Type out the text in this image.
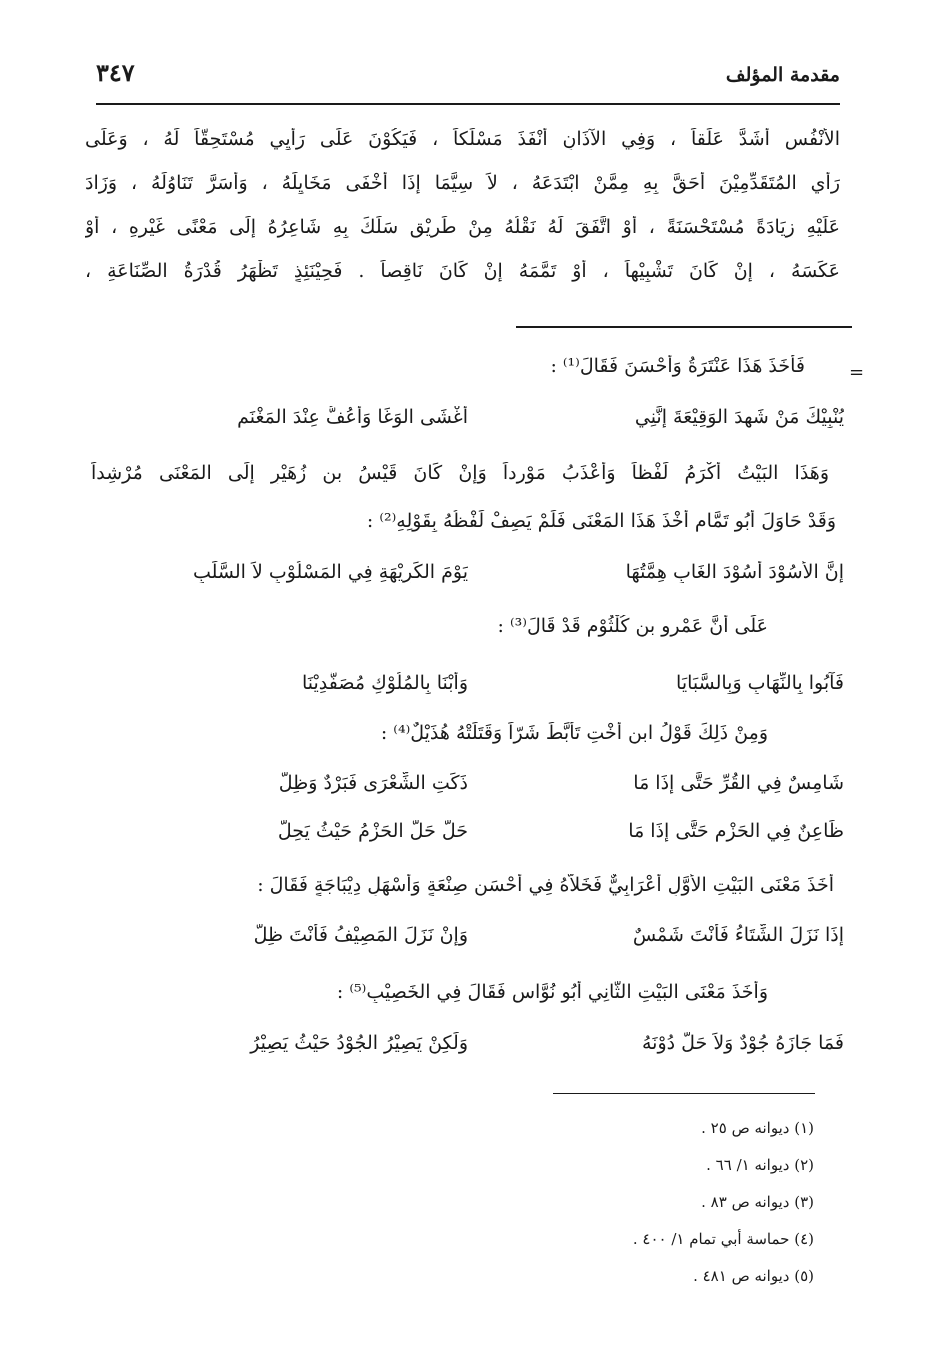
مقدمة المؤلف
٣٤٧
الأَنْفُسِ أَشَدَّ عَلَقاً ، وَفِي الآذَانِ أَنْفَذَ مَسْلَكاً ، فَيَكُوْنَ عَلَى رَأْيِي مُسْتَحِقّاً لَهُ ، وَعَلَى
رَأْيِ المُتَقَدِّمِيْنَ أَحَقَّ بِهِ مِمَّنْ ابْتَدَعَهُ ، لاَ سِيَّمَا إِذَا أَخْفَى مَخَايِلَهُ ، وَأَسَرَّ تَنَاوُلَهُ ، وَزَادَ
عَلَيْهِ زِيَادَةً مُسْتَحْسَنَةً ، أَوْ اتَّفَقَ لَهُ نَقْلُهُ مِنْ طَرِيْقٍ سَلَكَ بِهِ شَاعِرُهُ إِلَى مَعْنًى غَيْرِهِ ، أَوْ
عَكَسَهُ ، إِنْ كَانَ تَشْبِيْهاً ، أَوْ تَمَّمَهُ إِنْ كَانَ نَاقِصاً . فَحِيْنَئِذٍ تَظْهَرُ قُدْرَةُ الصِّنَاعَةِ ،
=
فَأَخَذَ هَذَا عَنْتَرَةُ وَأَحْسَنَ فَقَالَ⁽¹⁾ :
يُنْبِيْكَ مَنْ شَهِدَ الوَقِيْعَةَ إِنَّنِي
أَغْشَى الوَغَا وَأَعُفُّ عِنْدَ المَغْنَمِ
وَهَذَا البَيْتُ أَكْرَمُ لَفْظاً وَأَعْذَبُ مَوْرِداً وَإِنْ كَانَ قَيْسُ بن زُهَيْرٍ إِلَى المَعْنَى مُرْشِداً
وَقَدْ حَاوَلَ أَبُو تَمَّامٍ أَخْذَ هَذَا المَعْنَى فَلَمْ يَصِفْ لَفْظُهُ بِقَوْلِهِ⁽²⁾ :
إِنَّ الأُسُوْدَ أُسُوْدَ الغَابِ هِمَّتُهَا
يَوْمَ الكَرِيْهَةِ فِي المَسْلُوْبِ لاَ السَّلَبِ
عَلَى أَنَّ عَمْرو بن كُلْثُوْمٍ قَدْ قَالَ⁽³⁾ :
فَآبُوا بِالنِّهَابِ وَبِالسَّبَايَا
وَأُبْنَا بِالمُلُوْكِ مُصَفَّدِيْنَا
وَمِنْ ذَلِكَ قَوْلُ ابن أُخْتِ تَأَبَّطَ شَرّاً وَقَتَلَتْهُ هُذَيْلٌ⁽⁴⁾ :
شَامِسٌ فِي القُرِّ حَتَّى إِذَا مَا
ذَكَتِ الشِّعْرَى فَبَرْدٌ وَظِلُّ
ظَاعِنٌ فِي الحَزْمِ حَتَّى إِذَا مَا
حَلَّ حَلَّ الحَزْمُ حَيْثُ يَحِلُّ
أَخَذَ مَعْنَى البَيْتِ الأَوَّلِ أَعْرَابِيٌّ فَخَلاَّهُ فِي أَحْسَنِ صِنْعَةٍ وَأَسْهَلِ دِيْبَاجَةٍ فَقَالَ :
إِذَا نَزَلَ الشِّتَاءُ فَأَنْتَ شَمْسٌ
وَإِنْ نَزَلَ المَصِيْفُ فَأَنْتَ ظِلُّ
وَأَخَذَ مَعْنَى البَيْتِ الثَّانِي أَبُو نُوَّاسٍ فَقَالَ فِي الخَصِيْبِ⁽⁵⁾ :
فَمَا جَازَهُ جُوْدٌ وَلاَ حَلَّ دُوْنَهُ
وَلَكِنْ يَصِيْرُ الجُوْدُ حَيْثُ يَصِيْرُ
(١) ديوانه ص ٢٥ .
(٢) ديوانه ١/ ٦٦ .
(٣) ديوانه ص ٨٣ .
(٤) حماسة أبي تمام ١/ ٤٠٠ .
(٥) ديوانه ص ٤٨١ .
